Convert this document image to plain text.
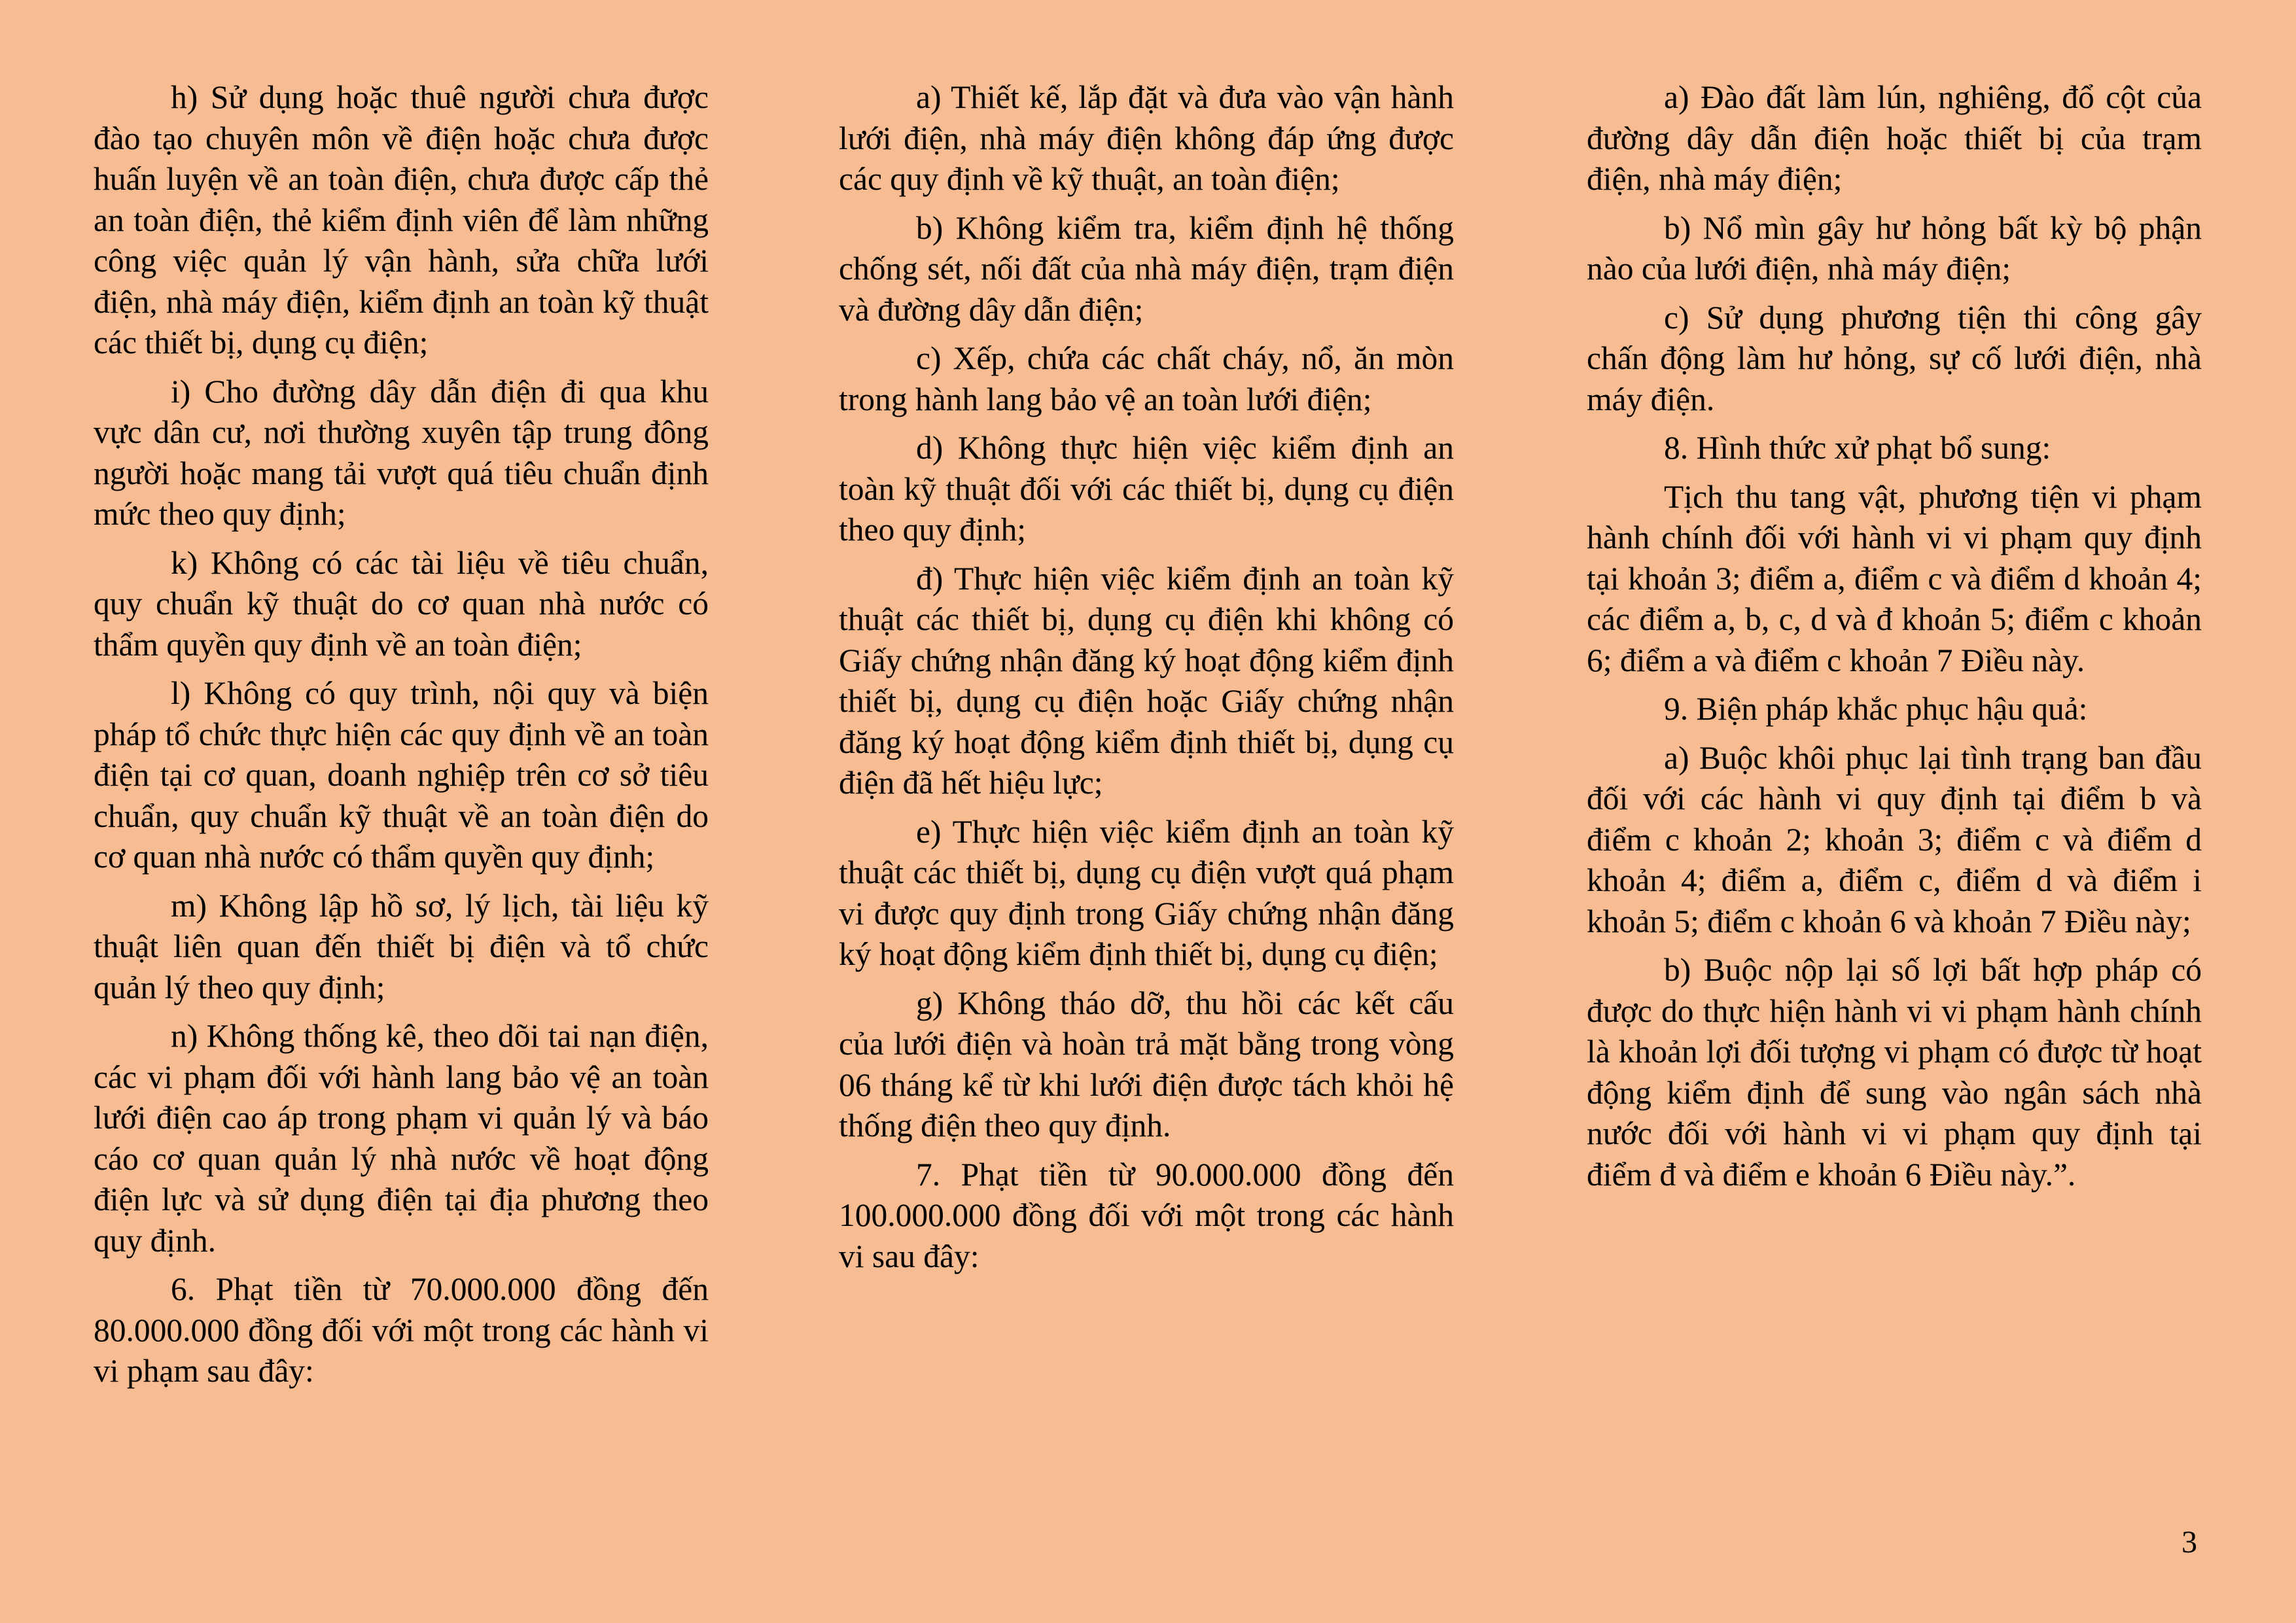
h) Sử dụng hoặc thuê người chưa được đào tạo chuyên môn về điện hoặc chưa được huấn luyện về an toàn điện, chưa được cấp thẻ an toàn điện, thẻ kiểm định viên để làm những công việc quản lý vận hành, sửa chữa lưới điện, nhà máy điện, kiểm định an toàn kỹ thuật các thiết bị, dụng cụ điện;

i) Cho đường dây dẫn điện đi qua khu vực dân cư, nơi thường xuyên tập trung đông người hoặc mang tải vượt quá tiêu chuẩn định mức theo quy định;

k) Không có các tài liệu về tiêu chuẩn, quy chuẩn kỹ thuật do cơ quan nhà nước có thẩm quyền quy định về an toàn điện;

l) Không có quy trình, nội quy và biện pháp tổ chức thực hiện các quy định về an toàn điện tại cơ quan, doanh nghiệp trên cơ sở tiêu chuẩn, quy chuẩn kỹ thuật về an toàn điện do cơ quan nhà nước có thẩm quyền quy định;

m) Không lập hồ sơ, lý lịch, tài liệu kỹ thuật liên quan đến thiết bị điện và tổ chức quản lý theo quy định;

n) Không thống kê, theo dõi tai nạn điện, các vi phạm đối với hành lang bảo vệ an toàn lưới điện cao áp trong phạm vi quản lý và báo cáo cơ quan quản lý nhà nước về hoạt động điện lực và sử dụng điện tại địa phương theo quy định.

6. Phạt tiền từ 70.000.000 đồng đến 80.000.000 đồng đối với một trong các hành vi vi phạm sau đây:

a) Thiết kế, lắp đặt và đưa vào vận hành lưới điện, nhà máy điện không đáp ứng được các quy định về kỹ thuật, an toàn điện;

b) Không kiểm tra, kiểm định hệ thống chống sét, nối đất của nhà máy điện, trạm điện và đường dây dẫn điện;

c) Xếp, chứa các chất cháy, nổ, ăn mòn trong hành lang bảo vệ an toàn lưới điện;

d) Không thực hiện việc kiểm định an toàn kỹ thuật đối với các thiết bị, dụng cụ điện theo quy định;

đ) Thực hiện việc kiểm định an toàn kỹ thuật các thiết bị, dụng cụ điện khi không có Giấy chứng nhận đăng ký hoạt động kiểm định thiết bị, dụng cụ điện hoặc Giấy chứng nhận đăng ký hoạt động kiểm định thiết bị, dụng cụ điện đã hết hiệu lực;

e) Thực hiện việc kiểm định an toàn kỹ thuật các thiết bị, dụng cụ điện vượt quá phạm vi được quy định trong Giấy chứng nhận đăng ký hoạt động kiểm định thiết bị, dụng cụ điện;

g) Không tháo dỡ, thu hồi các kết cấu của lưới điện và hoàn trả mặt bằng trong vòng 06 tháng kể từ khi lưới điện được tách khỏi hệ thống điện theo quy định.

7. Phạt tiền từ 90.000.000 đồng đến 100.000.000 đồng đối với một trong các hành vi sau đây:

a) Đào đất làm lún, nghiêng, đổ cột của đường dây dẫn điện hoặc thiết bị của trạm điện, nhà máy điện;

b) Nổ mìn gây hư hỏng bất kỳ bộ phận nào của lưới điện, nhà máy điện;

c) Sử dụng phương tiện thi công gây chấn động làm hư hỏng, sự cố lưới điện, nhà máy điện.

8. Hình thức xử phạt bổ sung:

Tịch thu tang vật, phương tiện vi phạm hành chính đối với hành vi vi phạm quy định tại khoản 3; điểm a, điểm c và điểm d khoản 4; các điểm a, b, c, d và đ khoản 5; điểm c khoản 6; điểm a và điểm c khoản 7 Điều này.

9. Biện pháp khắc phục hậu quả:

a) Buộc khôi phục lại tình trạng ban đầu đối với các hành vi quy định tại điểm b và điểm c khoản 2; khoản 3; điểm c và điểm d khoản 4; điểm a, điểm c, điểm d và điểm i khoản 5; điểm c khoản 6 và khoản 7 Điều này;

b) Buộc nộp lại số lợi bất hợp pháp có được do thực hiện hành vi vi phạm hành chính là khoản lợi đối tượng vi phạm có được từ hoạt động kiểm định để sung vào ngân sách nhà nước đối với hành vi vi phạm quy định tại điểm đ và điểm e khoản 6 Điều này.”.

3
